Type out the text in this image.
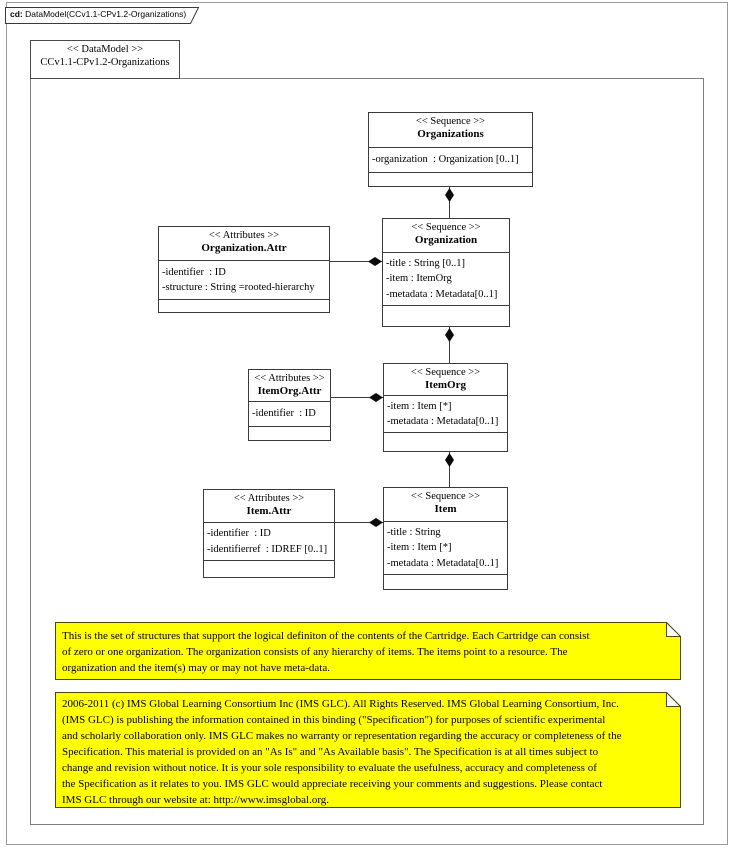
cd: DataModel(CCv1.1-CPv1.2-Organizations)
<< DataModel >>
CCv1.1-CPv1.2-Organizations
<< Sequence >>
Organizations
-organization  : Organization [0..1]
<< Sequence >>
Organization
-title : String [0..1]
-item : ItemOrg
-metadata : Metadata[0..1]
<< Attributes >>
Organization.Attr
-identifier  : ID
-structure : String =rooted-hierarchy
<< Sequence >>
ItemOrg
-item : Item [*]
-metadata : Metadata[0..1]
<< Attributes >>
ItemOrg.Attr
-identifier  : ID
<< Sequence >>
Item
-title : String
-item : Item [*]
-metadata : Metadata[0..1]
<< Attributes >>
Item.Attr
-identifier  : ID
-identifierref  : IDREF [0..1]
This is the set of structures that support the logical definiton of the contents of the Cartridge. Each Cartridge can consist
of zero or one organization. The organization consists of any hierarchy of items. The items point to a resource. The
organization and the item(s) may or may not have meta-data.
2006-2011 (c) IMS Global Learning Consortium Inc (IMS GLC). All Rights Reserved. IMS Global Learning Consortium, Inc.
(IMS GLC) is publishing the information contained in this binding ("Specification") for purposes of scientific experimental
and scholarly collaboration only. IMS GLC makes no warranty or representation regarding the accuracy or completeness of the
Specification. This material is provided on an "As Is" and "As Available basis". The Specification is at all times subject to
change and revision without notice. It is your sole responsibility to evaluate the usefulness, accuracy and completeness of
the Specification as it relates to you. IMS GLC would appreciate receiving your comments and suggestions. Please contact
IMS GLC through our website at: http://www.imsglobal.org.
